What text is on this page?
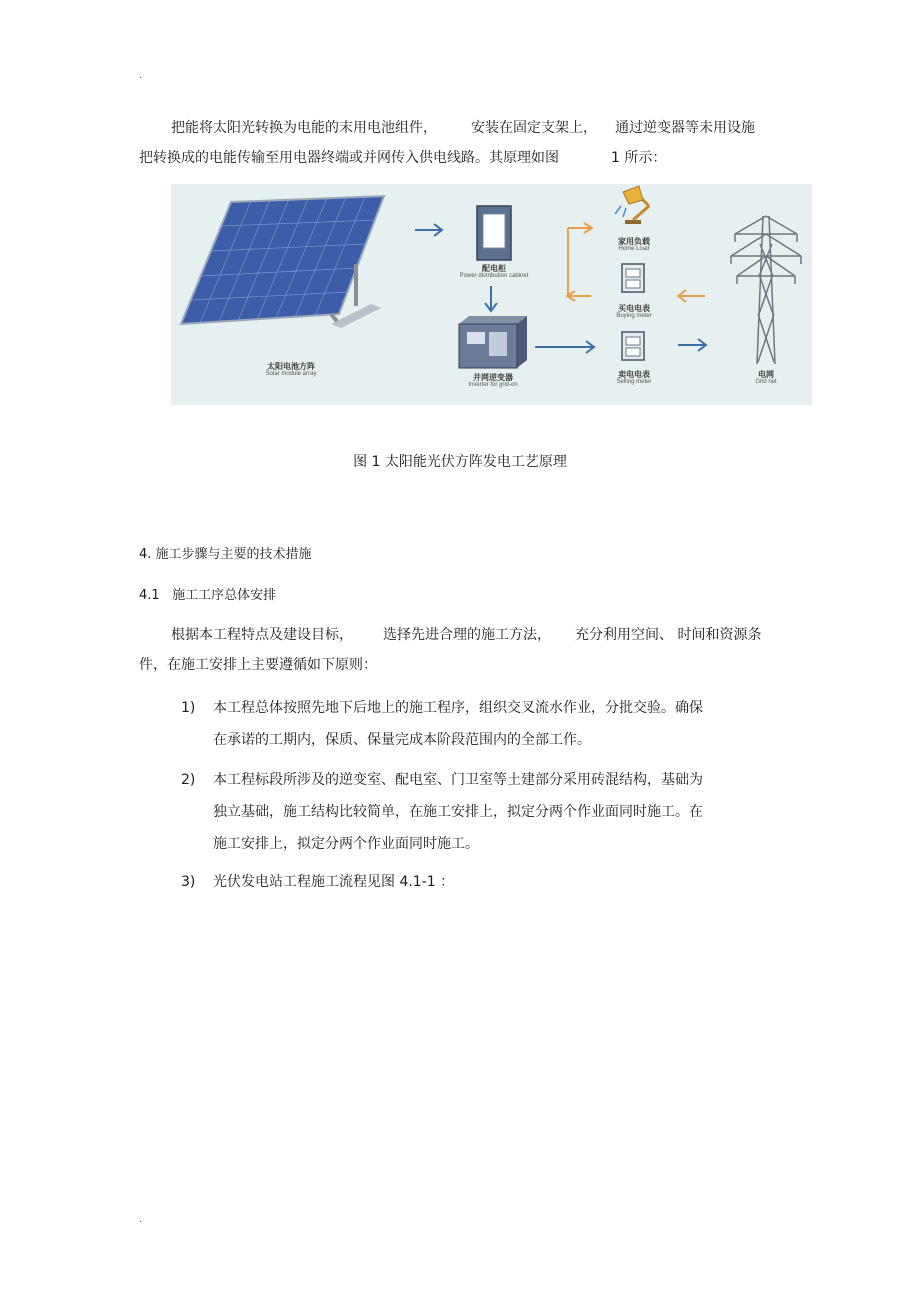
.
把能将太阳光转换为电能的末用电池组件， 安装在固定支架上， 通过逆变器等未用设施
把转换成的电能传输至用电器终端或并网传入供电线路。其原理如图	1 所示：
太阳电池方阵
Solar module array
配电柜
Power distribution cabinet
并网逆变器
Inverter for grid-on
家用负载
Home Load
买电电表
Buying meter
卖电电表
Selling meter
电网
Grid net
图 1 太阳能光伏方阵发电工艺原理
4. 施工步骤与主要的技术措施
4.1   施工工序总体安排
根据本工程特点及建设目标， 选择先进合理的施工方法， 充分利用空间、 时间和资源条
件，在施工安排上主要遵循如下原则：
1) 本工程总体按照先地下后地上的施工程序，组织交叉流水作业，分批交验。确保
在承诺的工期内，保质、保量完成本阶段范围内的全部工作。
2) 本工程标段所涉及的逆变室、配电室、门卫室等土建部分采用砖混结构，基础为
独立基础，施工结构比较简单，在施工安排上，拟定分两个作业面同时施工。在
施工安排上，拟定分两个作业面同时施工。
3) 光伏发电站工程施工流程见图 4.1-1 ：
.
